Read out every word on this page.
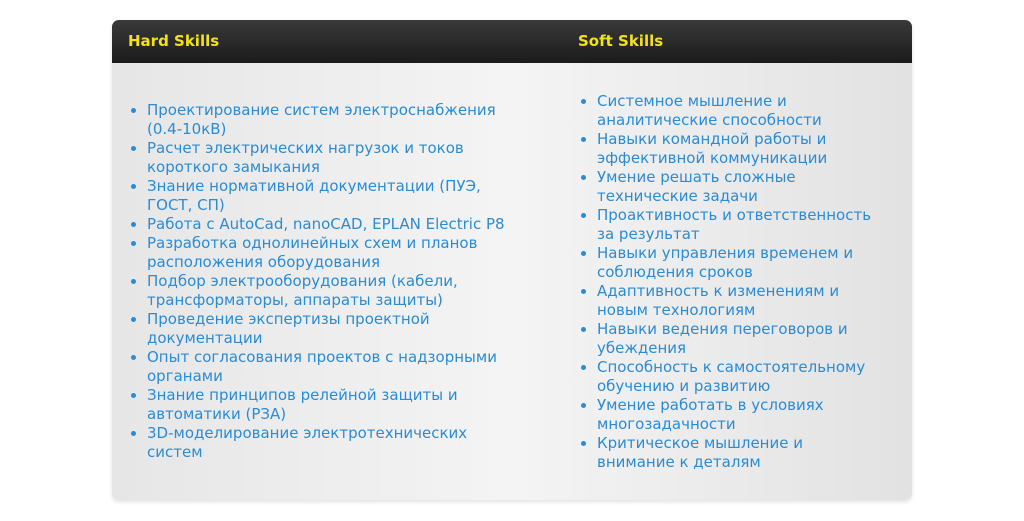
Hard Skills	Soft Skills
Проектирование систем электроснабжения
(0.4-10кВ)
Расчет электрических нагрузок и токов
короткого замыкания
Знание нормативной документации (ПУЭ,
ГОСТ, СП)
Работа с AutoCad, nanoCAD, EPLAN Electric P8
Разработка однолинейных схем и планов
расположения оборудования
Подбор электрооборудования (кабели,
трансформаторы, аппараты защиты)
Проведение экспертизы проектной
документации
Опыт согласования проектов с надзорными
органами
Знание принципов релейной защиты и
автоматики (РЗА)
3D-моделирование электротехнических
систем
Системное мышление и
аналитические способности
Навыки командной работы и
эффективной коммуникации
Умение решать сложные
технические задачи
Проактивность и ответственность
за результат
Навыки управления временем и
соблюдения сроков
Адаптивность к изменениям и
новым технологиям
Навыки ведения переговоров и
убеждения
Способность к самостоятельному
обучению и развитию
Умение работать в условиях
многозадачности
Критическое мышление и
внимание к деталям
